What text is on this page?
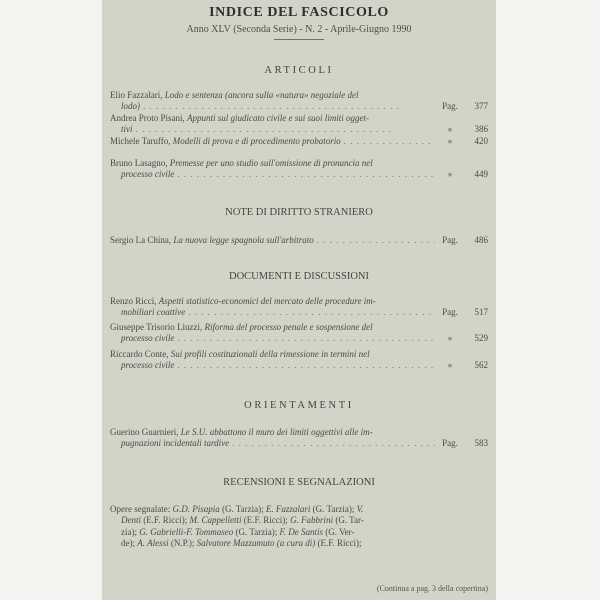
INDICE DEL FASCICOLO
Anno XLV (Seconda Serie) - N. 2 - Aprile-Giugno 1990
ARTICOLI
Elio Fazzalari, Lodo e sentenza (ancora sulla «natura» negoziale del
lodo) . . .	Pag.	377
Andrea Proto Pisani, Appunti sul giudicato civile e sui suoi limiti ogget-
tivi . . .	»	386
Michele Taruffo, Modelli di prova e di procedimento probatorio . . .	»	420
Bruno Lasagno, Premesse per uno studio sull'omissione di pronuncia nel
processo civile . . .	»	449
NOTE DI DIRITTO STRANIERO
Sergio La China, La nuova legge spagnola sull'arbitrato . . .	Pag.	486
DOCUMENTI E DISCUSSIONI
Renzo Ricci, Aspetti statistico-economici del mercato delle procedure im-
mobiliari coattive . . .	Pag.	517
Giuseppe Trisorio Liuzzi, Riforma del processo penale e sospensione del
processo civile . . .	»	529
Riccardo Conte, Sui profili costituzionali della rimessione in termini nel
processo civile . . .	»	562
ORIENTAMENTI
Guerino Guarnieri, Le S.U. abbattono il muro dei limiti oggettivi alle im-
pugnazioni incidentali tardive . . .	Pag.	583
RECENSIONI E SEGNALAZIONI
Opere segnalate: G.D. Pisapia (G. Tarzia); E. Fazzalari (G. Tarzia); V.
Denti (E.F. Ricci); M. Cappelletti (E.F. Ricci); G. Fabbrini (G. Tar-
zia); G. Gabrielli-F. Tommaseo (G. Tarzia); F. De Santis (G. Ver-
de); A. Alessi (N.P.); Salvatore Mazzamuto (a cura di) (E.F. Ricci);
(Continua a pag. 3 della copertina)
